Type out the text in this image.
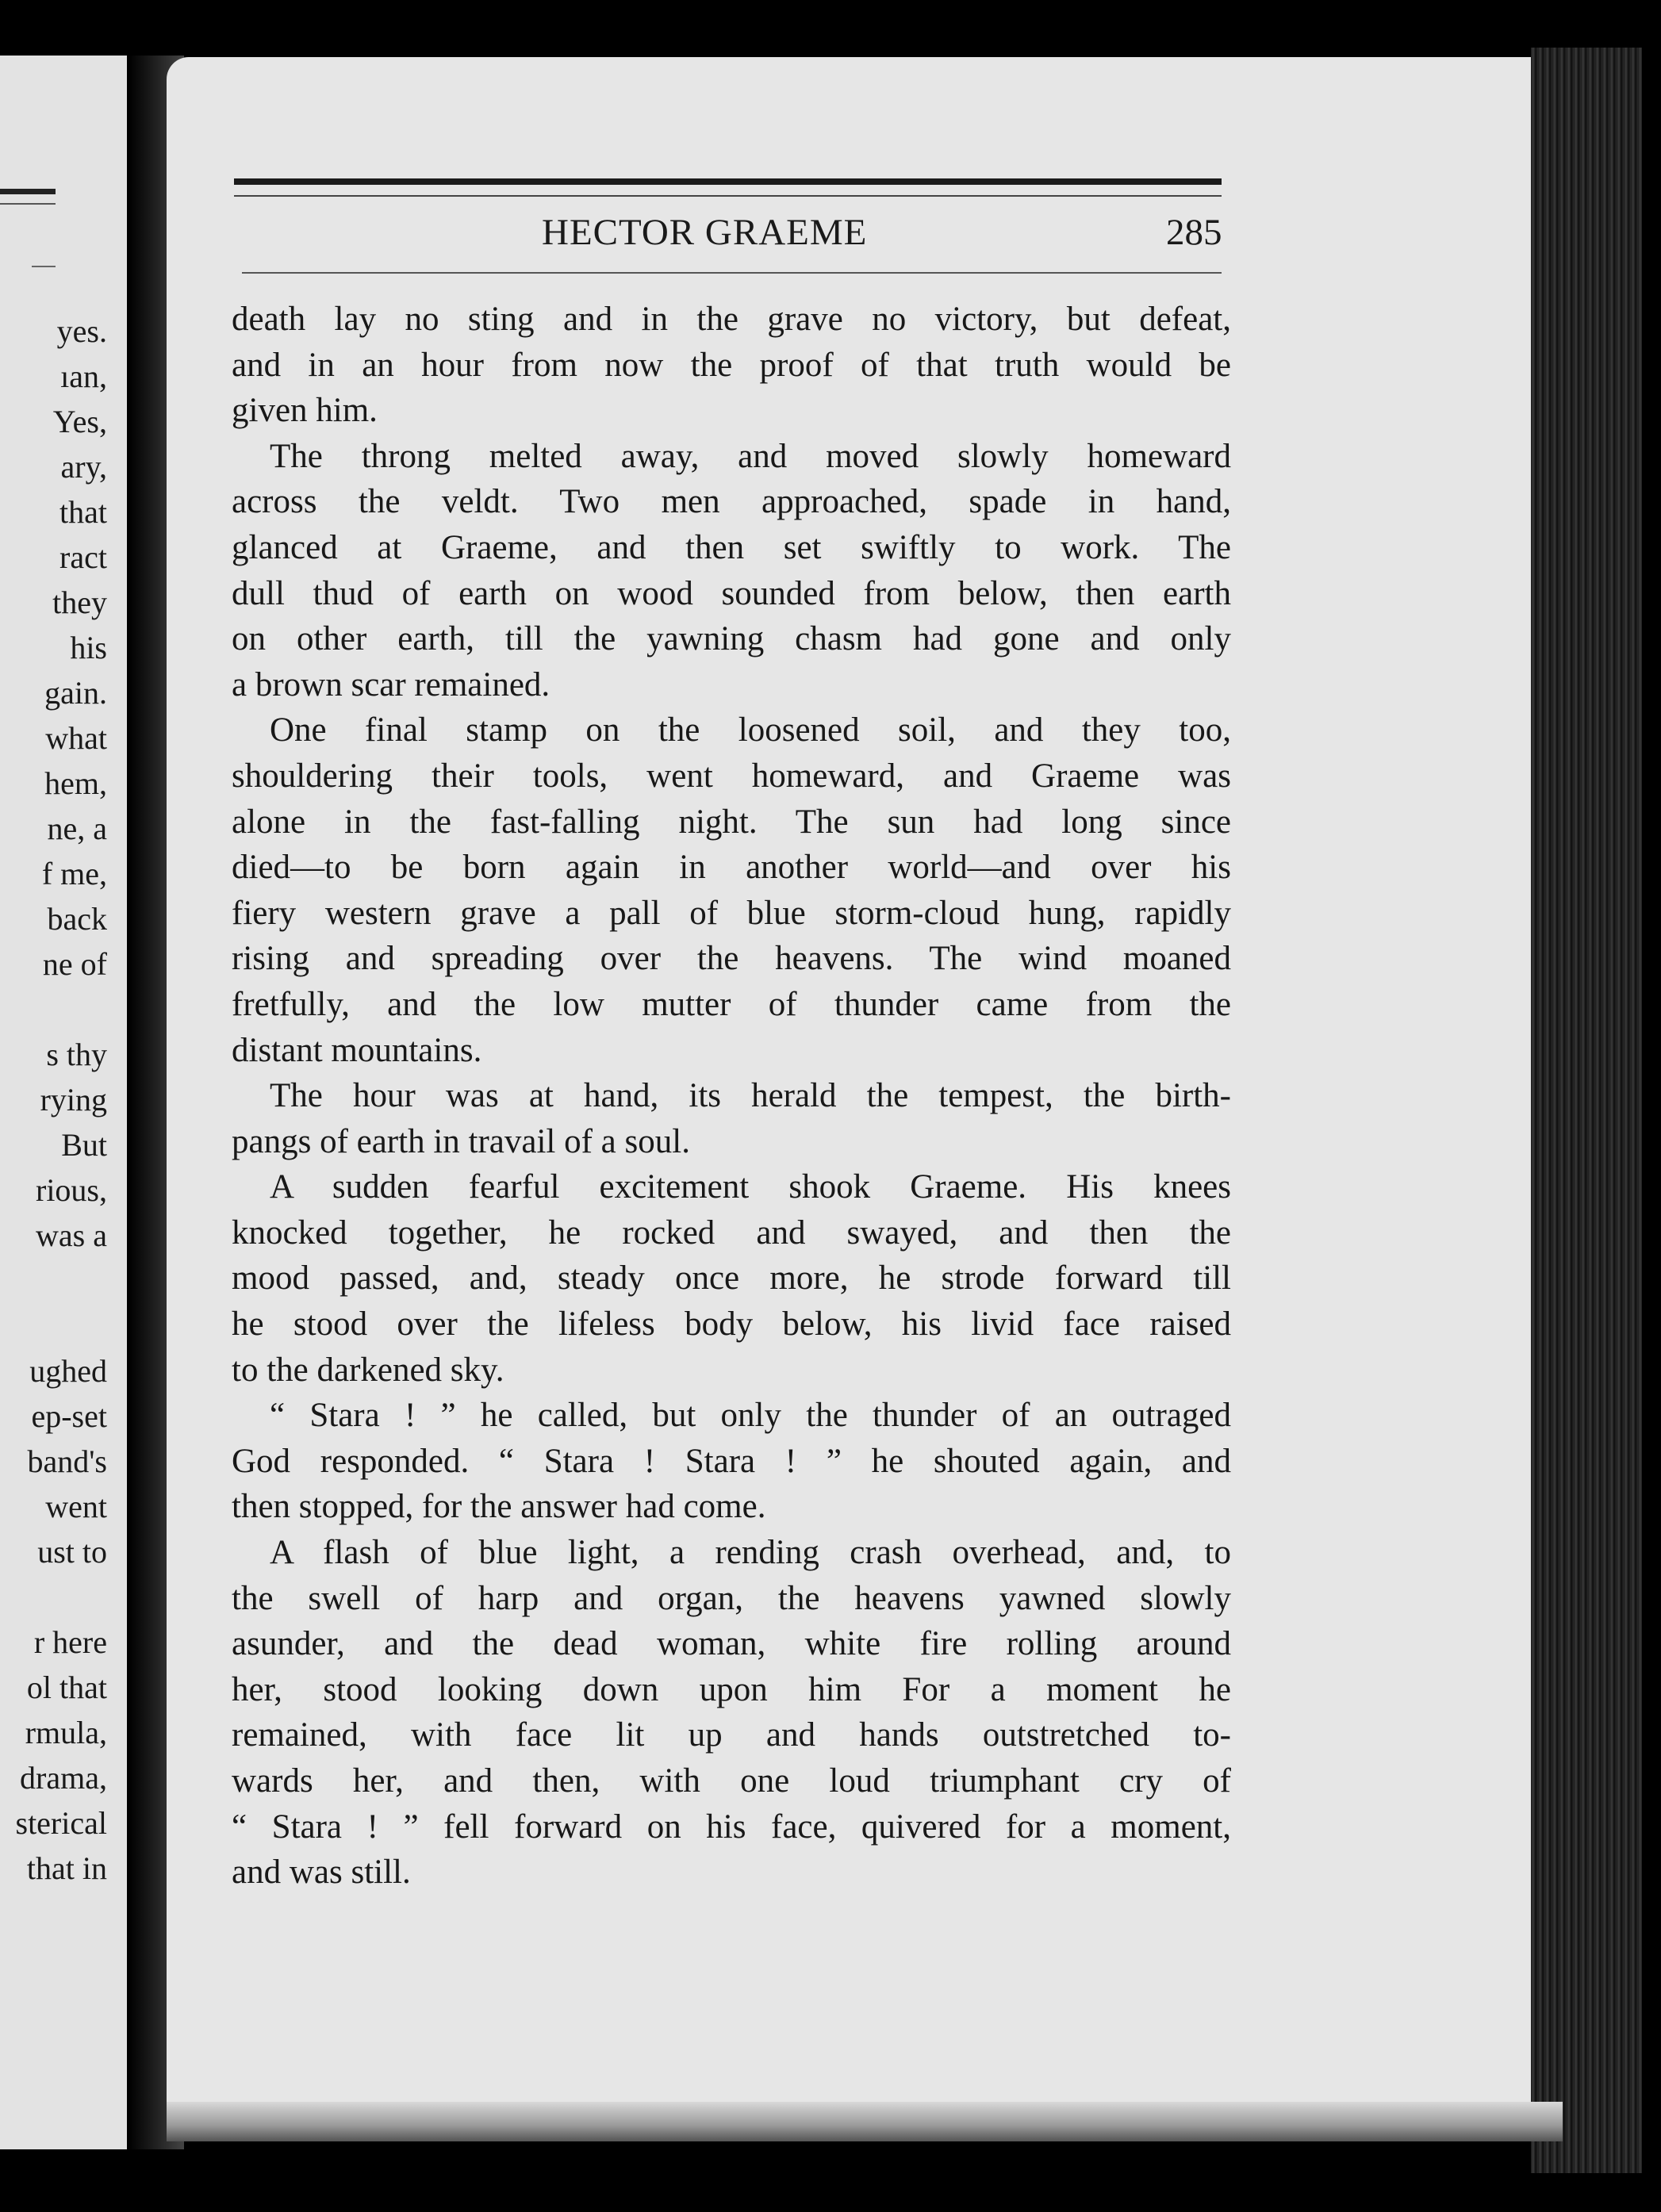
yes.
ıan,
Yes,
ary,
that
ract
they
his
gain.
what
hem,
ne, a
f me,
back
ne of
s thy
rying
But
rious,
was a
ughed
ep-set
band's
went
ust to
r here
ol that
rmula,
drama,
sterical
that in
HECTOR GRAEME	285
death lay no sting and in the grave no victory, but defeat,
and in an hour from now the proof of that truth would be
given him.
The throng melted away, and moved slowly homeward
across the veldt. Two men approached, spade in hand,
glanced at Graeme, and then set swiftly to work. The
dull thud of earth on wood sounded from below, then earth
on other earth, till the yawning chasm had gone and only
a brown scar remained.
One final stamp on the loosened soil, and they too,
shouldering their tools, went homeward, and Graeme was
alone in the fast-falling night. The sun had long since
died—to be born again in another world—and over his
fiery western grave a pall of blue storm-cloud hung, rapidly
rising and spreading over the heavens. The wind moaned
fretfully, and the low mutter of thunder came from the
distant mountains.
The hour was at hand, its herald the tempest, the birth-
pangs of earth in travail of a soul.
A sudden fearful excitement shook Graeme. His knees
knocked together, he rocked and swayed, and then the
mood passed, and, steady once more, he strode forward till
he stood over the lifeless body below, his livid face raised
to the darkened sky.
“ Stara ! ” he called, but only the thunder of an outraged
God responded. “ Stara ! Stara ! ” he shouted again, and
then stopped, for the answer had come.
A flash of blue light, a rending crash overhead, and, to
the swell of harp and organ, the heavens yawned slowly
asunder, and the dead woman, white fire rolling around
her, stood looking down upon him For a moment he
remained, with face lit up and hands outstretched to-
wards her, and then, with one loud triumphant cry of
“ Stara ! ” fell forward on his face, quivered for a moment,
and was still.
